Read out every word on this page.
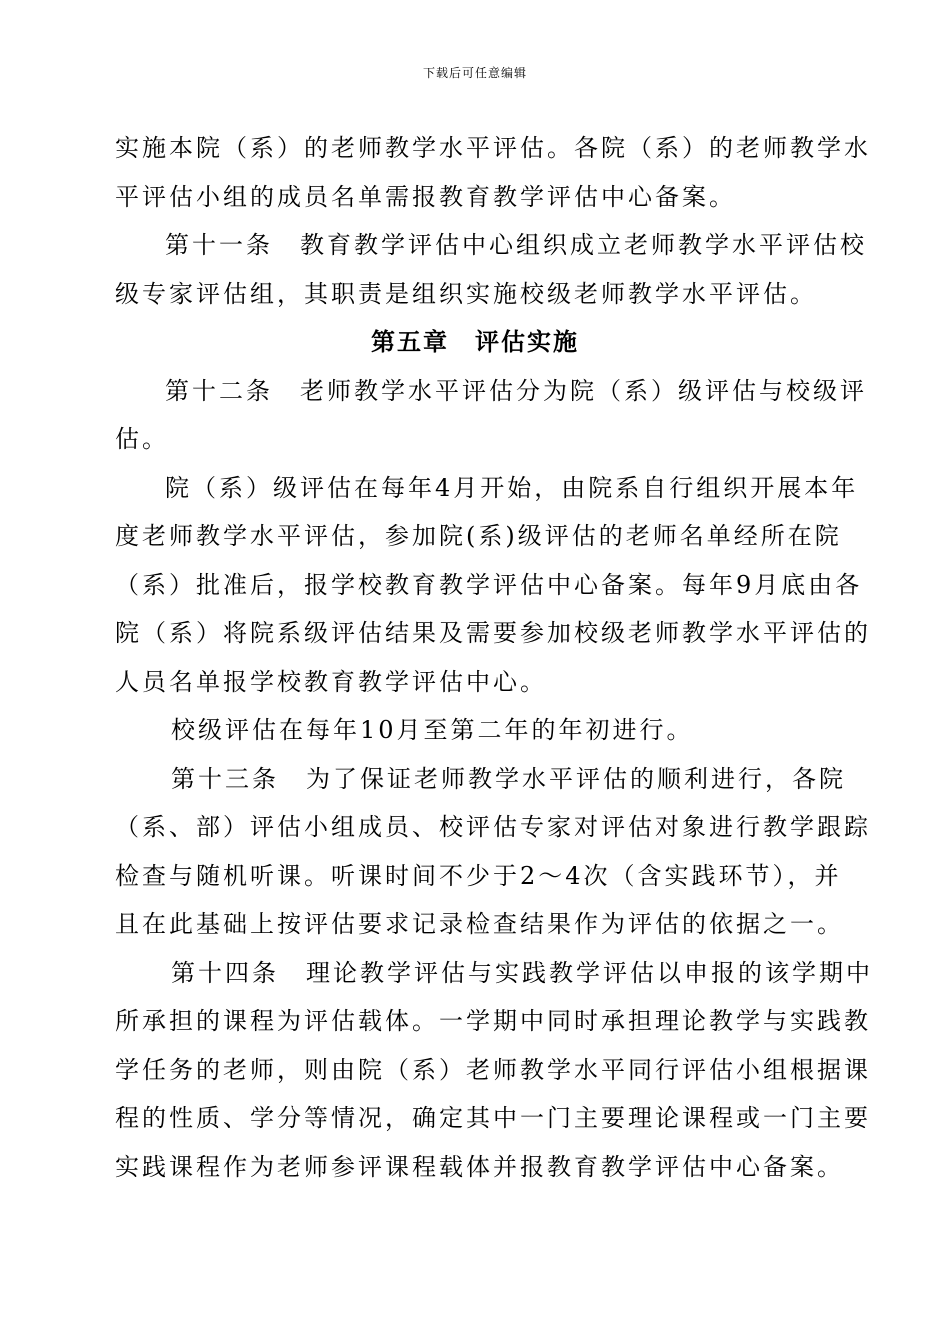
下载后可任意编辑
实施本院（系）的老师教学水平评估。各院（系）的老师教学水
平评估小组的成员名单需报教育教学评估中心备案。
第十一条　教育教学评估中心组织成立老师教学水平评估校
级专家评估组，其职责是组织实施校级老师教学水平评估。
第五章　评估实施
第十二条　老师教学水平评估分为院（系）级评估与校级评
估。
院（系）级评估在每年4月开始，由院系自行组织开展本年
度老师教学水平评估，参加院(系)级评估的老师名单经所在院
（系）批准后，报学校教育教学评估中心备案。每年9月底由各
院（系）将院系级评估结果及需要参加校级老师教学水平评估的
人员名单报学校教育教学评估中心。
校级评估在每年10月至第二年的年初进行。
第十三条　为了保证老师教学水平评估的顺利进行，各院
（系、部）评估小组成员、校评估专家对评估对象进行教学跟踪
检查与随机听课。听课时间不少于2～4次（含实践环节），并
且在此基础上按评估要求记录检查结果作为评估的依据之一。
第十四条　理论教学评估与实践教学评估以申报的该学期中
所承担的课程为评估载体。一学期中同时承担理论教学与实践教
学任务的老师，则由院（系）老师教学水平同行评估小组根据课
程的性质、学分等情况，确定其中一门主要理论课程或一门主要
实践课程作为老师参评课程载体并报教育教学评估中心备案。
